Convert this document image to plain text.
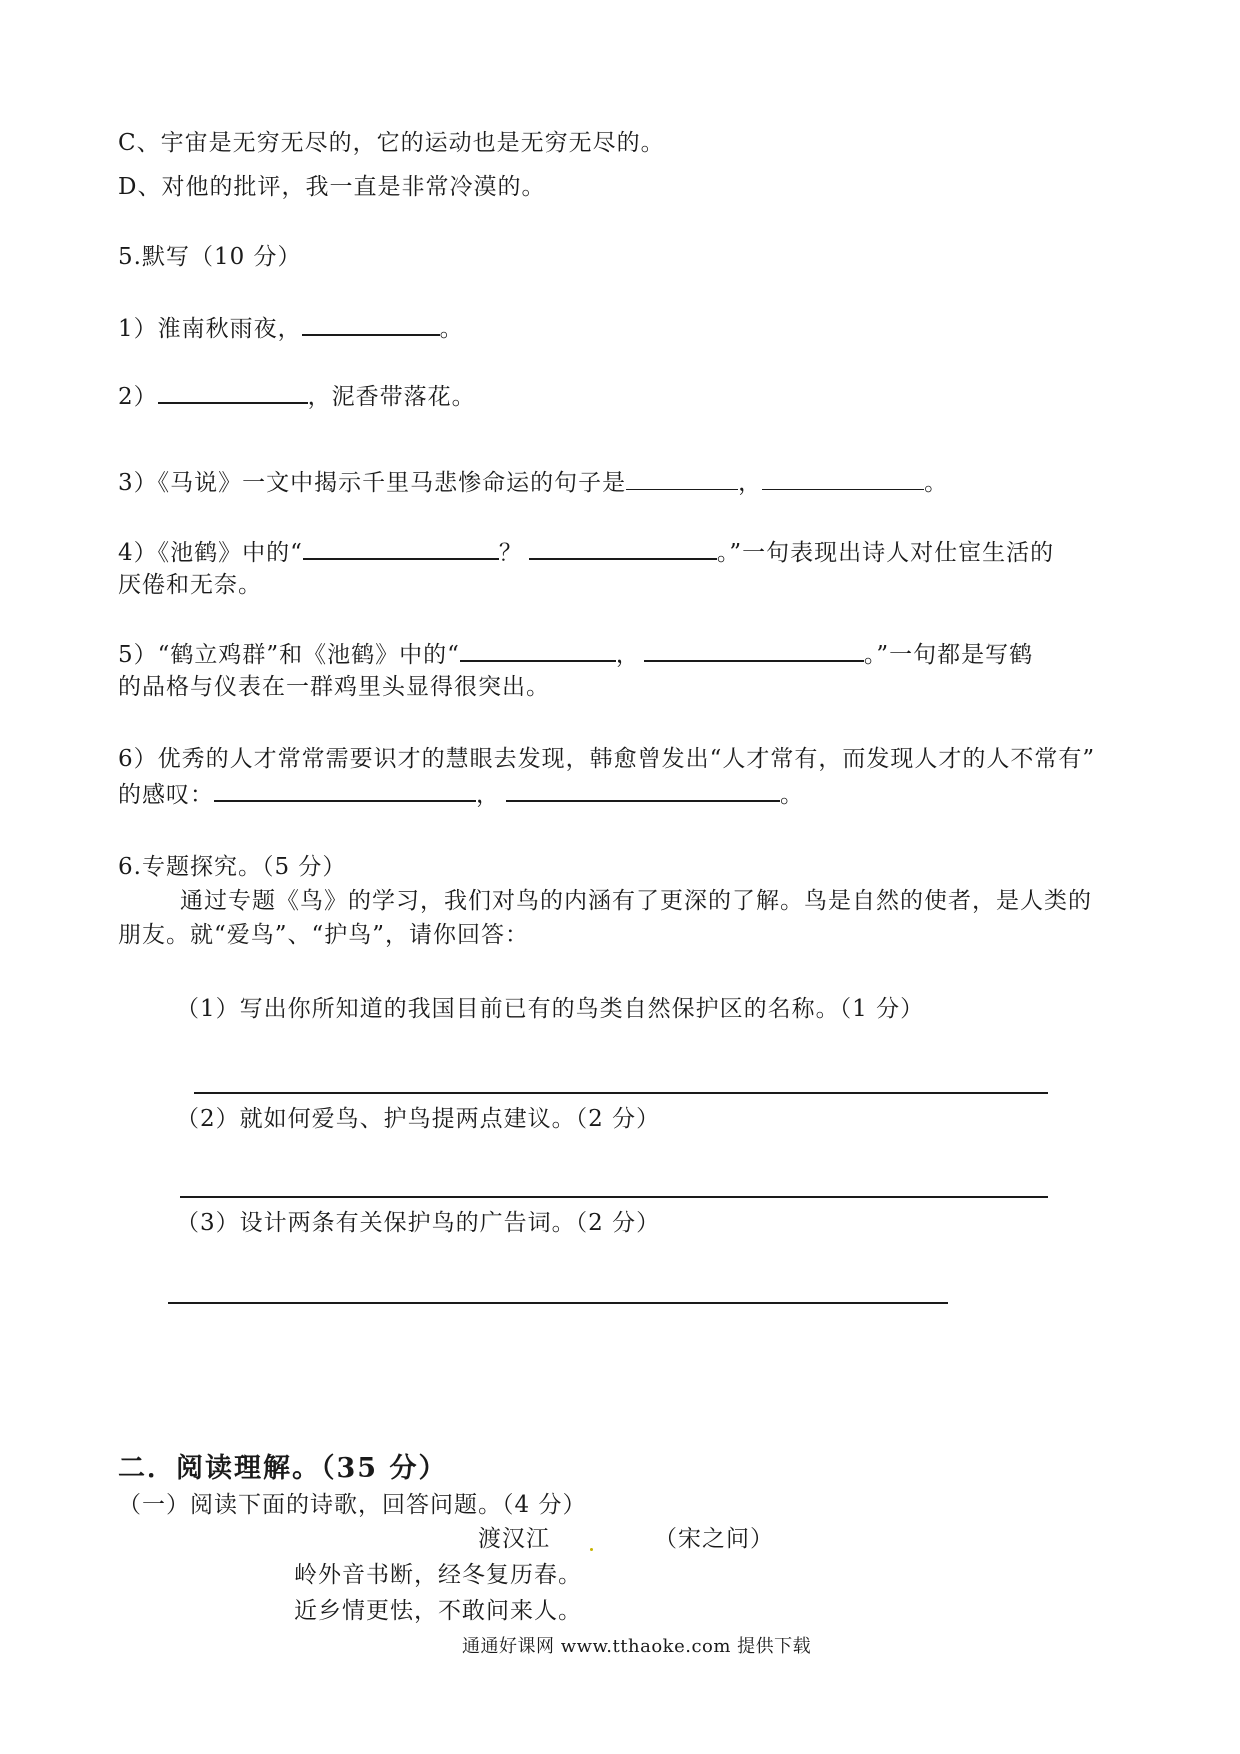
C、宇宙是无穷无尽的，它的运动也是无穷无尽的。
D、对他的批评，我一直是非常冷漠的。
5.默写（10 分）
1）淮南秋雨夜，	。
2）	，泥香带落花。
3）《马说》一文中揭示千里马悲惨命运的句子是	，	。
4）《池鹤》中的“	？	。”一句表现出诗人对仕宦生活的
厌倦和无奈。
5）“鹤立鸡群”和《池鹤》中的“	，	。”一句都是写鹤
的品格与仪表在一群鸡里头显得很突出。
6）优秀的人才常常需要识才的慧眼去发现，韩愈曾发出“人才常有，而发现人才的人不常有”
的感叹：	，	。
6.专题探究。（5 分）
通过专题《鸟》的学习，我们对鸟的内涵有了更深的了解。鸟是自然的使者，是人类的
朋友。就“爱鸟”、“护鸟”，请你回答：
（1）写出你所知道的我国目前已有的鸟类自然保护区的名称。（1 分）
（2）就如何爱鸟、护鸟提两点建议。（2 分）
（3）设计两条有关保护鸟的广告词。（2 分）
二．阅读理解。（35 分）
（一）阅读下面的诗歌，回答问题。（4 分）
渡汉江	（宋之问）
岭外音书断，经冬复历春。
近乡情更怯，不敢问来人。
通通好课网 www.tthaoke.com 提供下载
